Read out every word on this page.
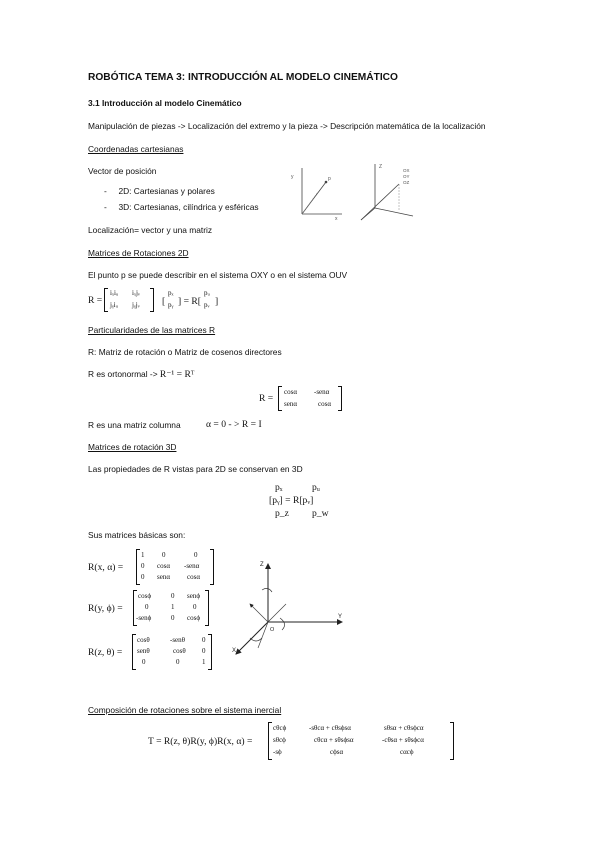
ROBÓTICA TEMA 3: INTRODUCCIÓN AL MODELO CINEMÁTICO
3.1 Introducción al modelo Cinemático
Manipulación de piezas -> Localización del extremo y la pieza -> Descripción matemática de la localización
Coordenadas cartesianas
Vector de posición
-     2D: Cartesianas y polares
-     3D: Cartesianas, cilíndrica y esféricas
Localización= vector y una matriz
y
x
p
Z
OX
OY
OZ
Matrices de Rotaciones 2D
El punto p se puede describir en el sistema OXY o en el sistema OUV
R =
iₓiᵤ iₓjᵥ
jᵧiᵤ jᵧjᵥ
pₓ
[ pᵧ ] = R[
pᵤ
pᵥ ]
Particularidades de las matrices R
R: Matriz de rotación o Matriz de cosenos directores
R es ortonormal -> R⁻¹ = Rᵀ
R =
cosα -senα
senα	cosα
R es una matriz columna	α = 0 - > R = I
Matrices de rotación 3D
Las propiedades de R vistas para 2D se conservan en 3D
pₓ
[pᵧ] = R[pᵥ]
p_z
pᵤ
p_w
Sus matrices básicas son:
R(x, α) =
1	0	0
0 cosα -senα
0 senα cosα
R(y, ϕ) =
cosϕ	0 senϕ
0	1	0
-senϕ	0 cosϕ
R(z, θ) =
cosθ	-senθ 0
senθ	cosθ 0
0	0	1
Z
Y
X
O
Composición de rotaciones sobre el sistema inercial
T = R(z, θ)R(y, ϕ)R(x, α) =
cθcϕ	-sθcα + cθsϕsα	sθsα + cθsϕcα
sθcϕ	cθcα + sθsϕsα	-cθsα + sθsϕcα
-sϕ	cϕsα	cαcϕ
